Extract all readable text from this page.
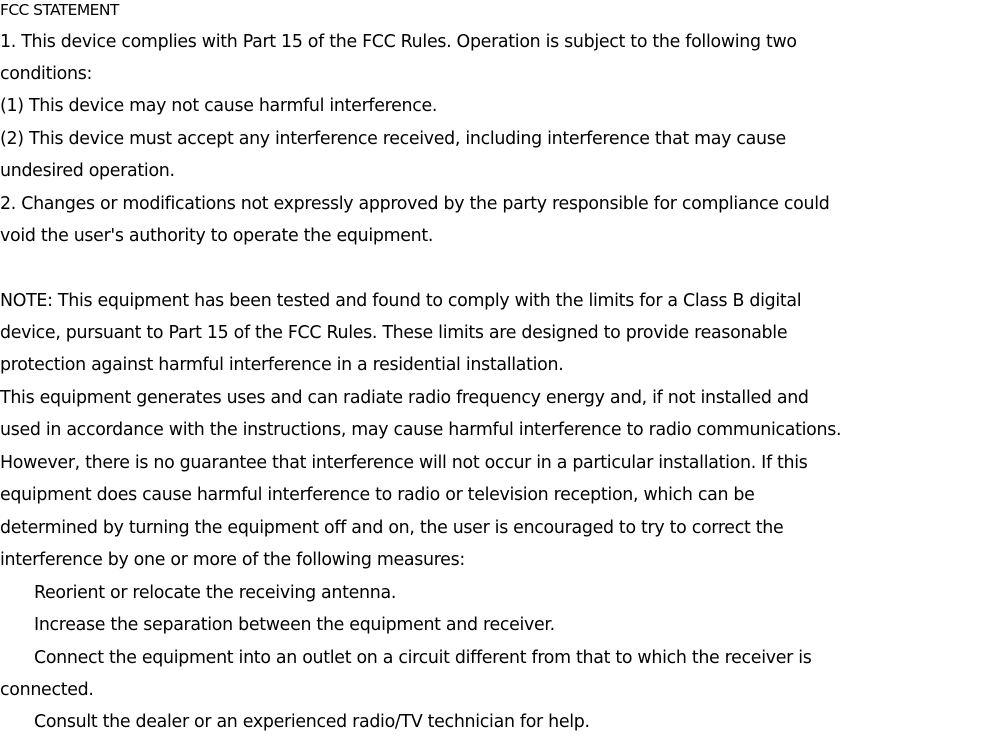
FCC STATEMENT
1. This device complies with Part 15 of the FCC Rules. Operation is subject to the following two
conditions:
(1) This device may not cause harmful interference.
(2) This device must accept any interference received, including interference that may cause
undesired operation.
2. Changes or modifications not expressly approved by the party responsible for compliance could
void the user's authority to operate the equipment.
NOTE: This equipment has been tested and found to comply with the limits for a Class B digital
device, pursuant to Part 15 of the FCC Rules. These limits are designed to provide reasonable
protection against harmful interference in a residential installation.
This equipment generates uses and can radiate radio frequency energy and, if not installed and
used in accordance with the instructions, may cause harmful interference to radio communications.
However, there is no guarantee that interference will not occur in a particular installation. If this
equipment does cause harmful interference to radio or television reception, which can be
determined by turning the equipment off and on, the user is encouraged to try to correct the
interference by one or more of the following measures:
Reorient or relocate the receiving antenna.
Increase the separation between the equipment and receiver.
Connect the equipment into an outlet on a circuit different from that to which the receiver is
connected.
Consult the dealer or an experienced radio/TV technician for help.
